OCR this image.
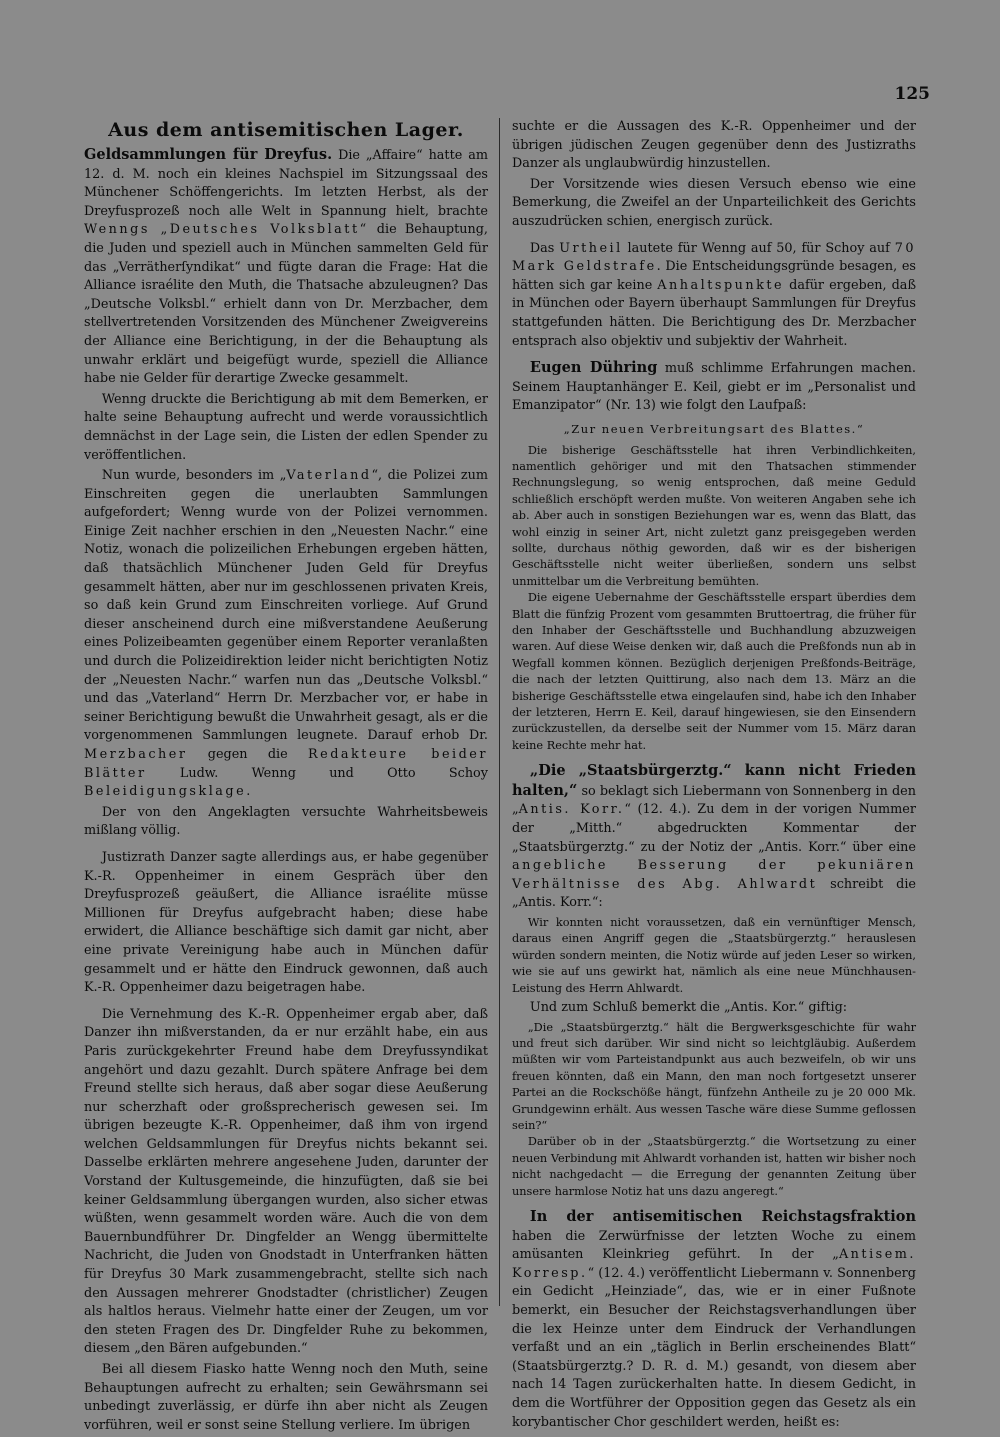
125
Aus dem antisemitischen Lager.

Geldsammlungen für Dreyfus. Die „Affaire“ hatte am 12. d. M. noch ein kleines Nachspiel im Sitzungssaal des Münchener Schöffengerichts. Im letzten Herbst, als der Dreyfusprozeß noch alle Welt in Spannung hielt, brachte Wenngs „Deutsches Volksblatt“ die Behauptung, die Juden und speziell auch in München sammelten Geld für das „Verrätherſyndikat“ und fügte daran die Frage: Hat die Alliance israélite den Muth, die Thatsache abzuleugnen? Das „Deutsche Volksbl.“ erhielt dann von Dr. Merzbacher, dem stellvertretenden Vorsitzenden des Münchener Zweigvereins der Alliance eine Berichtigung, in der die Behauptung als unwahr erklärt und beigefügt wurde, speziell die Alliance habe nie Gelder für derartige Zwecke gesammelt.

Wenng druckte die Berichtigung ab mit dem Bemerken, er halte seine Behauptung aufrecht und werde voraussichtlich demnächst in der Lage sein, die Listen der edlen Spender zu veröffentlichen.

Nun wurde, besonders im „Vaterland“, die Polizei zum Einschreiten gegen die unerlaubten Sammlungen aufgefordert; Wenng wurde von der Polizei vernommen. Einige Zeit nachher erschien in den „Neuesten Nachr.“ eine Notiz, wonach die polizeilichen Erhebungen ergeben hätten, daß thatsächlich Münchener Juden Geld für Dreyfus gesammelt hätten, aber nur im geschlossenen privaten Kreis, so daß kein Grund zum Einschreiten vorliege. Auf Grund dieser anscheinend durch eine mißverstandene Aeußerung eines Polizeibeamten gegenüber einem Reporter veranlaßten und durch die Polizeidirektion leider nicht berichtigten Notiz der „Neuesten Nachr.“ warfen nun das „Deutsche Volksbl.“ und das „Vaterland“ Herrn Dr. Merzbacher vor, er habe in seiner Berichtigung bewußt die Unwahrheit gesagt, als er die vorgenommenen Sammlungen leugnete. Darauf erhob Dr. Merzbacher gegen die Redakteure beider Blätter Ludw. Wenng und Otto Schoy Beleidigungsklage.

Der von den Angeklagten versuchte Wahrheitsbeweis mißlang völlig.

Justizrath Danzer sagte allerdings aus, er habe gegenüber K.-R. Oppenheimer in einem Gespräch über den Dreyfusprozeß geäußert, die Alliance israélite müsse Millionen für Dreyfus aufgebracht haben; diese habe erwidert, die Alliance beschäftige sich damit gar nicht, aber eine private Vereinigung habe auch in München dafür gesammelt und er hätte den Eindruck gewonnen, daß auch K.-R. Oppenheimer dazu beigetragen habe.

Die Vernehmung des K.-R. Oppenheimer ergab aber, daß Danzer ihn mißverstanden, da er nur erzählt habe, ein aus Paris zurückgekehrter Freund habe dem Dreyfussyndikat angehört und dazu gezahlt. Durch spätere Anfrage bei dem Freund stellte sich heraus, daß aber sogar diese Aeußerung nur scherzhaft oder großsprecherisch gewesen sei. Im übrigen bezeugte K.-R. Oppenheimer, daß ihm von irgend welchen Geldsammlungen für Dreyfus nichts bekannt sei. Dasselbe erklärten mehrere angesehene Juden, darunter der Vorstand der Kultusgemeinde, die hinzufügten, daß sie bei keiner Geldsammlung übergangen wurden, also sicher etwas wüßten, wenn gesammelt worden wäre. Auch die von dem Bauernbundführer Dr. Dingfelder an Wengg übermittelte Nachricht, die Juden von Gnodstadt in Unterfranken hätten für Dreyfus 30 Mark zusammengebracht, stellte sich nach den Aussagen mehrerer Gnodstadter (christlicher) Zeugen als haltlos heraus. Vielmehr hatte einer der Zeugen, um vor den steten Fragen des Dr. Dingfelder Ruhe zu bekommen, diesem „den Bären aufgebunden.“

Bei all diesem Fiasko hatte Wenng noch den Muth, seine Behauptungen aufrecht zu erhalten; sein Gewährsmann sei unbedingt zuverlässig, er dürfe ihn aber nicht als Zeugen vorführen, weil er sonst seine Stellung verliere. Im übrigen

suchte er die Aussagen des K.-R. Oppenheimer und der übrigen jüdischen Zeugen gegenüber denn des Justizraths Danzer als unglaubwürdig hinzustellen.

Der Vorsitzende wies diesen Versuch ebenso wie eine Bemerkung, die Zweifel an der Unparteilichkeit des Gerichts auszudrücken schien, energisch zurück.

Das Urtheil lautete für Wenng auf 50, für Schoy auf 70 Mark Geldstrafe. Die Entscheidungsgründe besagen, es hätten sich gar keine Anhaltspunkte dafür ergeben, daß in München oder Bayern überhaupt Sammlungen für Dreyfus stattgefunden hätten. Die Berichtigung des Dr. Merzbacher entsprach also objektiv und subjektiv der Wahrheit.

Eugen Dühring muß schlimme Erfahrungen machen. Seinem Hauptanhänger E. Keil, giebt er im „Personalist und Emanzipator“ (Nr. 13) wie folgt den Laufpaß:

„Zur neuen Verbreitungsart des Blattes.“

Die bisherige Geschäftsstelle hat ihren Verbindlichkeiten, namentlich gehöriger und mit den Thatsachen stimmender Rechnungslegung, so wenig entsprochen, daß meine Geduld schließlich erschöpft werden mußte. Von weiteren Angaben sehe ich ab. Aber auch in sonstigen Beziehungen war es, wenn das Blatt, das wohl einzig in seiner Art, nicht zuletzt ganz preisgegeben werden sollte, durchaus nöthig geworden, daß wir es der bisherigen Geschäftsstelle nicht weiter überließen, sondern uns selbst unmittelbar um die Verbreitung bemühten.

Die eigene Uebernahme der Geschäftsstelle erspart überdies dem Blatt die fünfzig Prozent vom gesammten Bruttoertrag, die früher für den Inhaber der Geschäftsstelle und Buchhandlung abzuzweigen waren. Auf diese Weise denken wir, daß auch die Preßfonds nun ab in Wegfall kommen können. Bezüglich derjenigen Preßfonds-Beiträge, die nach der letzten Quittirung, also nach dem 13. März an die bisherige Geschäftsstelle etwa eingelaufen sind, habe ich den Inhaber der letzteren, Herrn E. Keil, darauf hingewiesen, sie den Einsendern zurückzustellen, da derselbe seit der Nummer vom 15. März daran keine Rechte mehr hat.

„Die „Staatsbürgerztg.“ kann nicht Frieden halten,“ so beklagt sich Liebermann von Sonnenberg in den „Antis. Korr.“ (12. 4.). Zu dem in der vorigen Nummer der „Mitth.“ abgedruckten Kommentar der „Staatsbürgerztg.“ zu der Notiz der „Antis. Korr.“ über eine angebliche Besserung der pekuniären Verhältnisse des Abg. Ahlwardt schreibt die „Antis. Korr.“:

Wir konnten nicht voraussetzen, daß ein vernünftiger Mensch, daraus einen Angriff gegen die „Staatsbürgerztg.“ herauslesen würden sondern meinten, die Notiz würde auf jeden Leser so wirken, wie sie auf uns gewirkt hat, nämlich als eine neue Münchhausen-Leistung des Herrn Ahlwardt.

Und zum Schluß bemerkt die „Antis. Kor.“ giftig:

„Die „Staatsbürgerztg.“ hält die Bergwerksgeschichte für wahr und freut sich darüber. Wir sind nicht so leichtgläubig. Außerdem müßten wir vom Parteistandpunkt aus auch bezweifeln, ob wir uns freuen könnten, daß ein Mann, den man noch fortgesetzt unserer Partei an die Rockschöße hängt, fünfzehn Antheile zu je 20 000 Mk. Grundgewinn erhält. Aus wessen Tasche wäre diese Summe geflossen sein?“

Darüber ob in der „Staatsbürgerztg.“ die Wortsetzung zu einer neuen Verbindung mit Ahlwardt vorhanden ist, hatten wir bisher noch nicht nachgedacht — die Erregung der genannten Zeitung über unsere harmlose Notiz hat uns dazu angeregt.“

In der antisemitischen Reichstagsfraktion haben die Zerwürfnisse der letzten Woche zu einem amüsanten Kleinkrieg geführt. In der „Antisem. Korresp.“ (12. 4.) veröffentlicht Liebermann v. Sonnenberg ein Gedicht „Heinziade“, das, wie er in einer Fußnote bemerkt, ein Besucher der Reichstagsverhandlungen über die lex Heinze unter dem Eindruck der Verhandlungen verfaßt und an ein „täglich in Berlin erscheinendes Blatt“ (Staatsbürgerztg.? D. R. d. M.) gesandt, von diesem aber nach 14 Tagen zurückerhalten hatte. In diesem Gedicht, in dem die Wortführer der Opposition gegen das Gesetz als ein korybantischer Chor geschildert werden, heißt es:
